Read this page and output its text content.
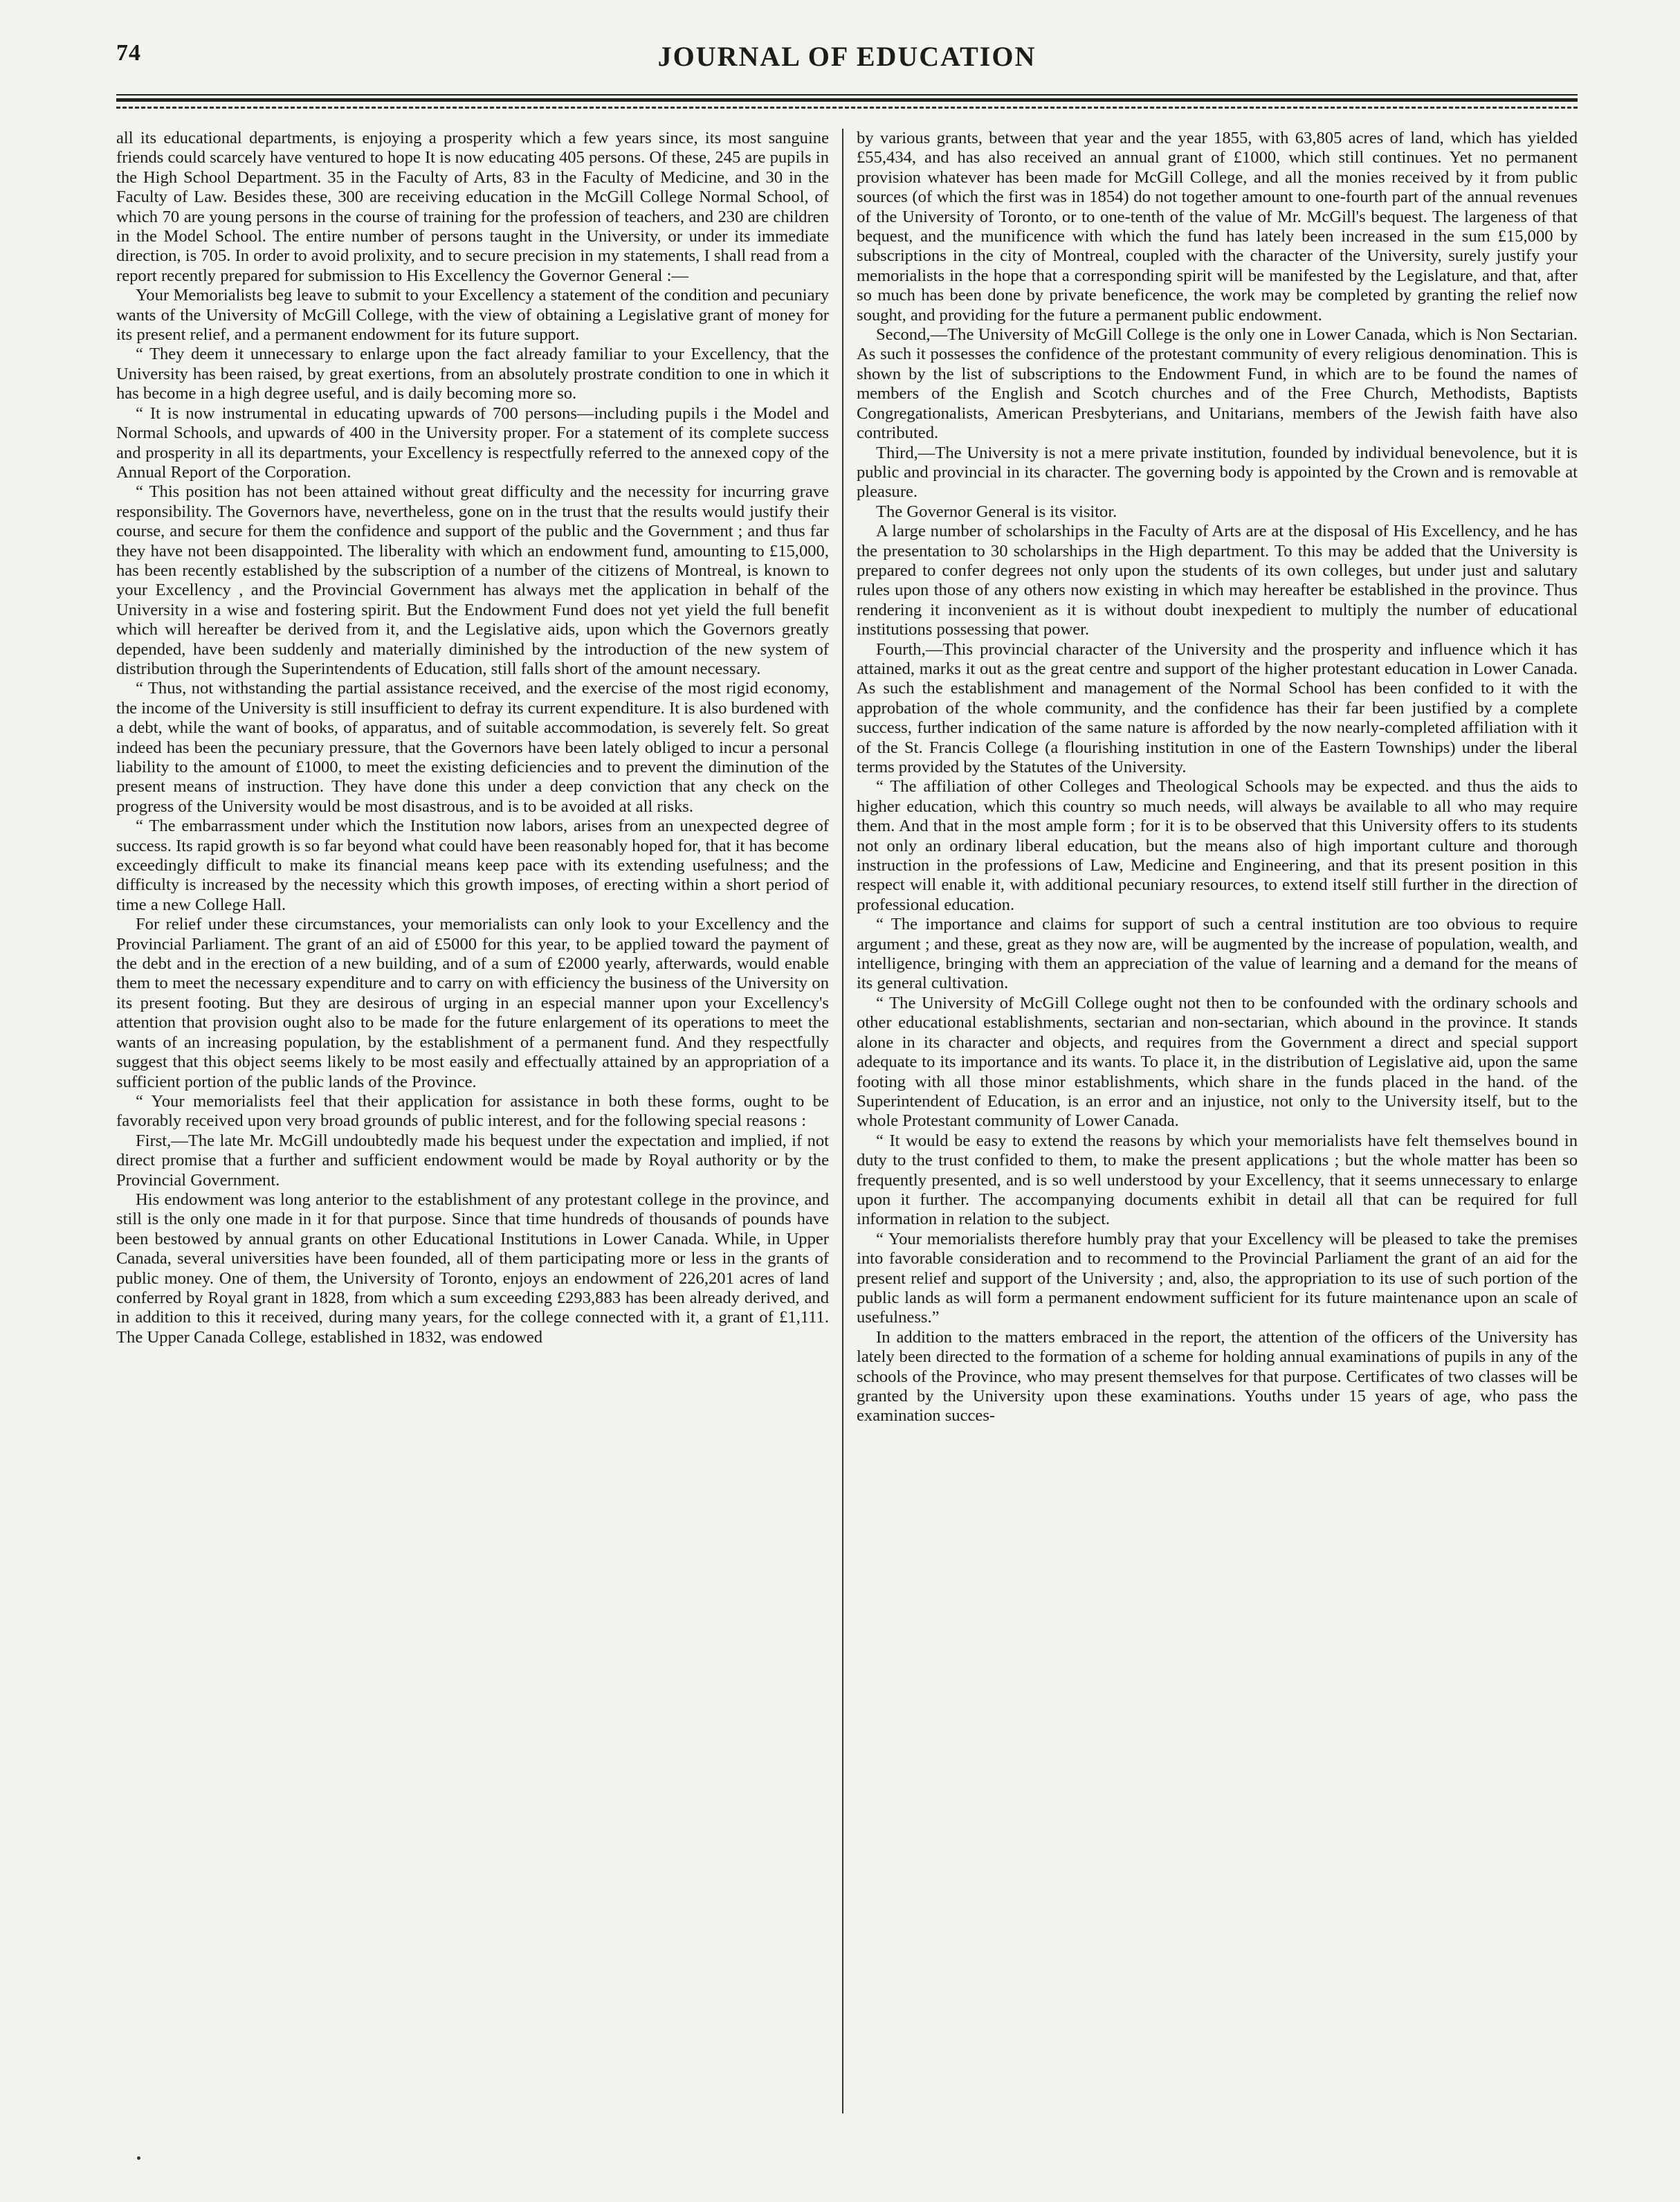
JOURNAL OF EDUCATION
74

all its educational departments, is enjoying a prosperity which a few years since, its most sanguine friends could scarcely have ventured to hope It is now educating 405 persons. Of these, 245 are pupils in the High School Department. 35 in the Faculty of Arts, 83 in the Faculty of Medicine, and 30 in the Faculty of Law. Besides these, 300 are receiving education in the McGill College Normal School, of which 70 are young persons in the course of training for the profession of teachers, and 230 are children in the Model School. The entire number of persons taught in the University, or under its immediate direction, is 705. In order to avoid prolixity, and to secure precision in my statements, I shall read from a report recently prepared for submission to His Excellency the Governor General :—

Your Memorialists beg leave to submit to your Excellency a statement of the condition and pecuniary wants of the University of McGill College, with the view of obtaining a Legislative grant of money for its present relief, and a permanent endowment for its future support.

“ They deem it unnecessary to enlarge upon the fact already familiar to your Excellency, that the University has been raised, by great exertions, from an absolutely prostrate condition to one in which it has become in a high degree useful, and is daily becoming more so.

“ It is now instrumental in educating upwards of 700 persons—including pupils i the Model and Normal Schools, and upwards of 400 in the University proper. For a statement of its complete success and prosperity in all its departments, your Excellency is respectfully referred to the annexed copy of the Annual Report of the Corporation.

“ This position has not been attained without great difficulty and the necessity for incurring grave responsibility. The Governors have, nevertheless, gone on in the trust that the results would justify their course, and secure for them the confidence and support of the public and the Government ; and thus far they have not been disappointed. The liberality with which an endowment fund, amounting to £15,000, has been recently established by the subscription of a number of the citizens of Montreal, is known to your Excellency , and the Provincial Government has always met the application in behalf of the University in a wise and fostering spirit. But the Endowment Fund does not yet yield the full benefit which will hereafter be derived from it, and the Legislative aids, upon which the Governors greatly depended, have been suddenly and materially diminished by the introduction of the new system of distribution through the Superintendents of Education, still falls short of the amount necessary.

“ Thus, not withstanding the partial assistance received, and the exercise of the most rigid economy, the income of the University is still insufficient to defray its current expenditure. It is also burdened with a debt, while the want of books, of apparatus, and of suitable accommodation, is severely felt. So great indeed has been the pecuniary pressure, that the Governors have been lately obliged to incur a personal liability to the amount of £1000, to meet the existing deficiencies and to prevent the diminution of the present means of instruction. They have done this under a deep conviction that any check on the progress of the University would be most disastrous, and is to be avoided at all risks.

“ The embarrassment under which the Institution now labors, arises from an unexpected degree of success. Its rapid growth is so far beyond what could have been reasonably hoped for, that it has become exceedingly difficult to make its financial means keep pace with its extending usefulness; and the difficulty is increased by the necessity which this growth imposes, of erecting within a short period of time a new College Hall.

For relief under these circumstances, your memorialists can only look to your Excellency and the Provincial Parliament. The grant of an aid of £5000 for this year, to be applied toward the payment of the debt and in the erection of a new building, and of a sum of £2000 yearly, afterwards, would enable them to meet the necessary expenditure and to carry on with efficiency the business of the University on its present footing. But they are desirous of urging in an especial manner upon your Excellency's attention that provision ought also to be made for the future enlargement of its operations to meet the wants of an increasing population, by the establishment of a permanent fund. And they respectfully suggest that this object seems likely to be most easily and effectually attained by an appropriation of a sufficient portion of the public lands of the Province.

“ Your memorialists feel that their application for assistance in both these forms, ought to be favorably received upon very broad grounds of public interest, and for the following special reasons :

First,—The late Mr. McGill undoubtedly made his bequest under the expectation and implied, if not direct promise that a further and sufficient endowment would be made by Royal authority or by the Provincial Government.

His endowment was long anterior to the establishment of any protestant college in the province, and still is the only one made in it for that purpose. Since that time hundreds of thousands of pounds have been bestowed by annual grants on other Educational Institutions in Lower Canada. While, in Upper Canada, several universities have been founded, all of them participating more or less in the grants of public money. One of them, the University of Toronto, enjoys an endowment of 226,201 acres of land conferred by Royal grant in 1828, from which a sum exceeding £293,883 has been already derived, and in addition to this it received, during many years, for the college connected with it, a grant of £1,111. The Upper Canada College, established in 1832, was endowed

by various grants, between that year and the year 1855, with 63,805 acres of land, which has yielded £55,434, and has also received an annual grant of £1000, which still continues. Yet no permanent provision whatever has been made for McGill College, and all the monies received by it from public sources (of which the first was in 1854) do not together amount to one-fourth part of the annual revenues of the University of Toronto, or to one-tenth of the value of Mr. McGill's bequest. The largeness of that bequest, and the munificence with which the fund has lately been increased in the sum £15,000 by subscriptions in the city of Montreal, coupled with the character of the University, surely justify your memorialists in the hope that a corresponding spirit will be manifested by the Legislature, and that, after so much has been done by private beneficence, the work may be completed by granting the relief now sought, and providing for the future a permanent public endowment.

Second,—The University of McGill College is the only one in Lower Canada, which is Non Sectarian. As such it possesses the confidence of the protestant community of every religious denomination. This is shown by the list of subscriptions to the Endowment Fund, in which are to be found the names of members of the English and Scotch churches and of the Free Church, Methodists, Baptists Congregationalists, American Presbyterians, and Unitarians, members of the Jewish faith have also contributed.

Third,—The University is not a mere private institution, founded by individual benevolence, but it is public and provincial in its character. The governing body is appointed by the Crown and is removable at pleasure.

The Governor General is its visitor.

A large number of scholarships in the Faculty of Arts are at the disposal of His Excellency, and he has the presentation to 30 scholarships in the High department. To this may be added that the University is prepared to confer degrees not only upon the students of its own colleges, but under just and salutary rules upon those of any others now existing in which may hereafter be established in the province. Thus rendering it inconvenient as it is without doubt inexpedient to multiply the number of educational institutions possessing that power.

Fourth,—This provincial character of the University and the prosperity and influence which it has attained, marks it out as the great centre and support of the higher protestant education in Lower Canada. As such the establishment and management of the Normal School has been confided to it with the approbation of the whole community, and the confidence has their far been justified by a complete success, further indication of the same nature is afforded by the now nearly-completed affiliation with it of the St. Francis College (a flourishing institution in one of the Eastern Townships) under the liberal terms provided by the Statutes of the University.

“ The affiliation of other Colleges and Theological Schools may be expected. and thus the aids to higher education, which this country so much needs, will always be available to all who may require them. And that in the most ample form ; for it is to be observed that this University offers to its students not only an ordinary liberal education, but the means also of high important culture and thorough instruction in the professions of Law, Medicine and Engineering, and that its present position in this respect will enable it, with additional pecuniary resources, to extend itself still further in the direction of professional education.

“ The importance and claims for support of such a central institution are too obvious to require argument ; and these, great as they now are, will be augmented by the increase of population, wealth, and intelligence, bringing with them an appreciation of the value of learning and a demand for the means of its general cultivation.

“ The University of McGill College ought not then to be confounded with the ordinary schools and other educational establishments, sectarian and non-sectarian, which abound in the province. It stands alone in its character and objects, and requires from the Government a direct and special support adequate to its importance and its wants. To place it, in the distribution of Legislative aid, upon the same footing with all those minor establishments, which share in the funds placed in the hand. of the Superintendent of Education, is an error and an injustice, not only to the University itself, but to the whole Protestant community of Lower Canada.

“ It would be easy to extend the reasons by which your memorialists have felt themselves bound in duty to the trust confided to them, to make the present applications ; but the whole matter has been so frequently presented, and is so well understood by your Excellency, that it seems unnecessary to enlarge upon it further. The accompanying documents exhibit in detail all that can be required for full information in relation to the subject.

“ Your memorialists therefore humbly pray that your Excellency will be pleased to take the premises into favorable consideration and to recommend to the Provincial Parliament the grant of an aid for the present relief and support of the University ; and, also, the appropriation to its use of such portion of the public lands as will form a permanent endowment sufficient for its future maintenance upon an scale of usefulness.”

In addition to the matters embraced in the report, the attention of the officers of the University has lately been directed to the formation of a scheme for holding annual examinations of pupils in any of the schools of the Province, who may present themselves for that purpose. Certificates of two classes will be granted by the University upon these examinations. Youths under 15 years of age, who pass the examination succes-
